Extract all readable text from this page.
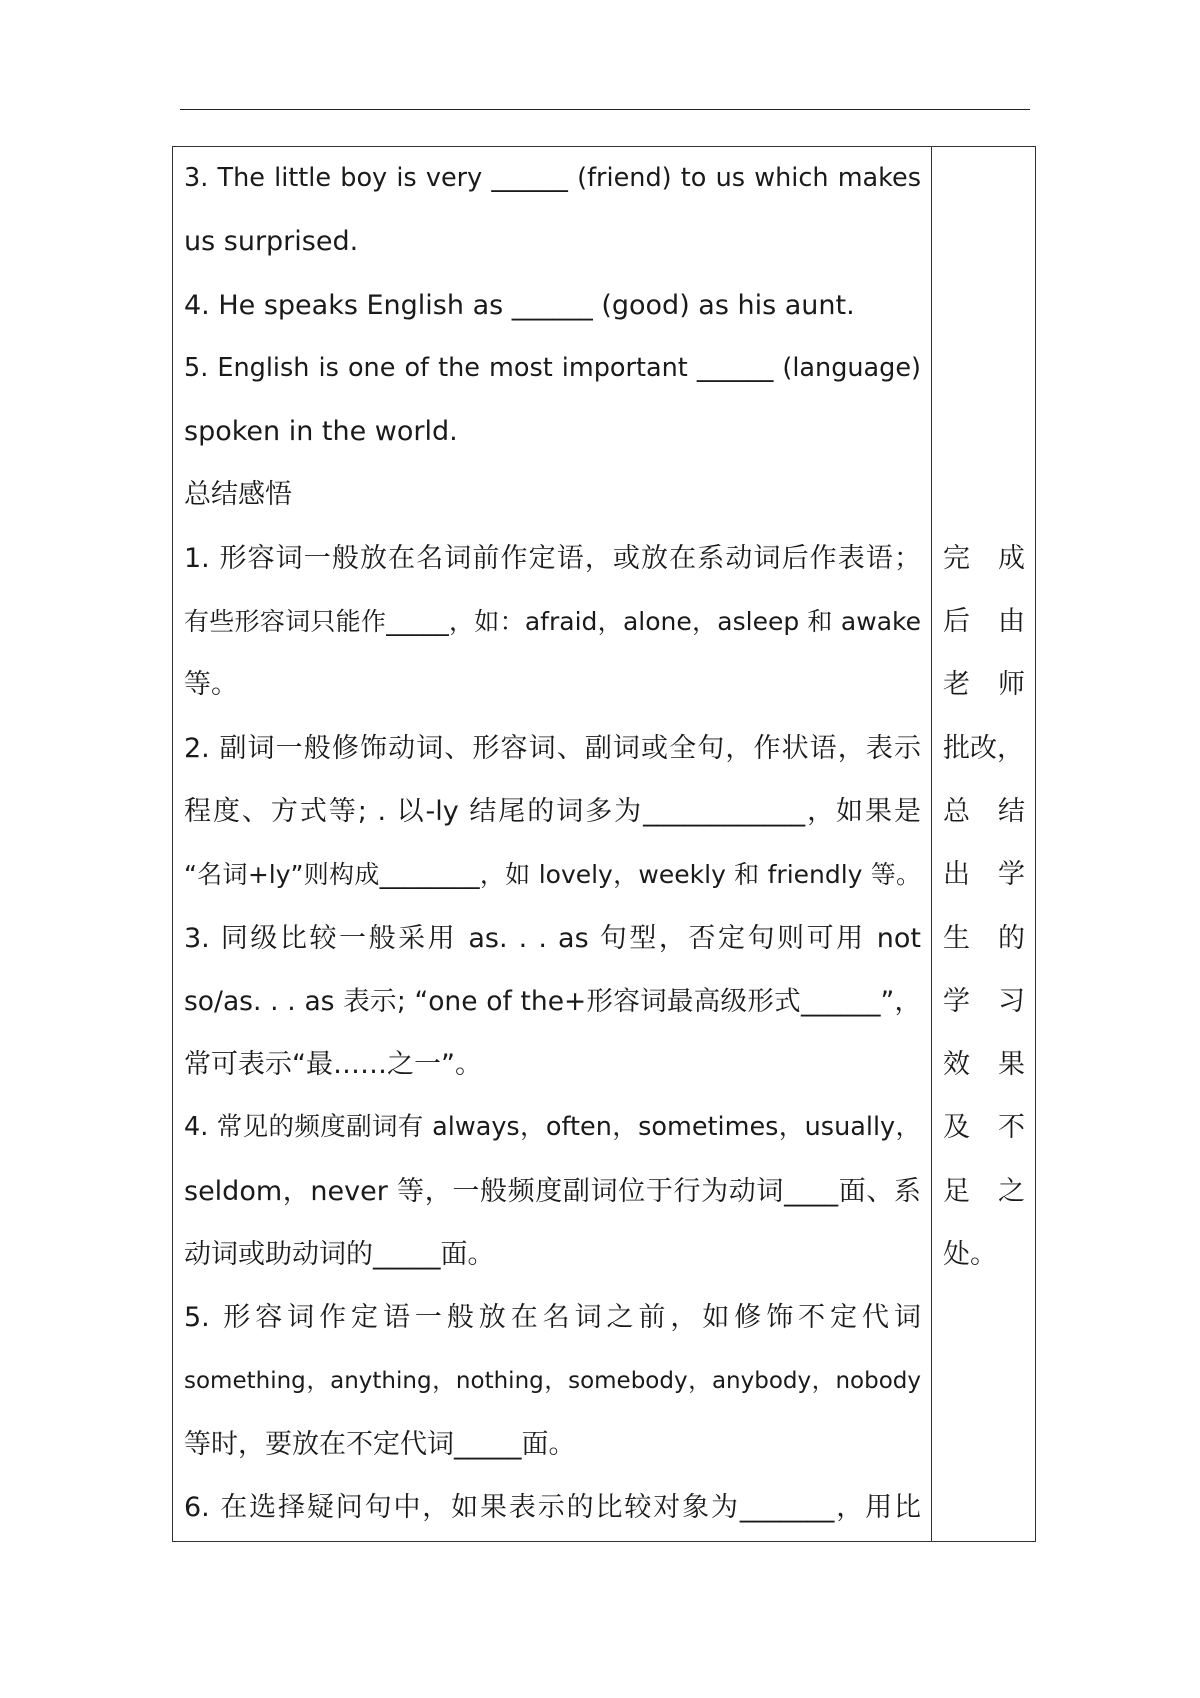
3. The little boy is very ______ (friend) to us which makes
us surprised.
4. He speaks English as ______ (good) as his aunt.
5. English is one of the most important ______ (language)
spoken in the world.
总结感悟
1. 形容词一般放在名词前作定语，或放在系动词后作表语；
有些形容词只能作_____，如：afraid，alone，asleep 和 awake
等。
2. 副词一般修饰动词、形容词、副词或全句，作状语，表示
程度、方式等; . 以-ly 结尾的词多为____________，如果是
“名词+ly”则构成________，如 lovely，weekly 和 friendly 等。
3. 同级比较一般采用 as. . . as 句型，否定句则可用 not
so/as. . . as 表示; “one of the+形容词最高级形式______”，
常可表示“最……之一”。
4. 常见的频度副词有 always，often，sometimes，usually，
seldom，never 等，一般频度副词位于行为动词____面、系
动词或助动词的_____面。
5. 形容词作定语一般放在名词之前，如修饰不定代词
something，anything，nothing，somebody，anybody，nobody
等时，要放在不定代词_____面。
6. 在选择疑问句中，如果表示的比较对象为_______，用比
完 成
后 由
老 师
批改，
总 结
出 学
生 的
学 习
效 果
及 不
足 之
处。
